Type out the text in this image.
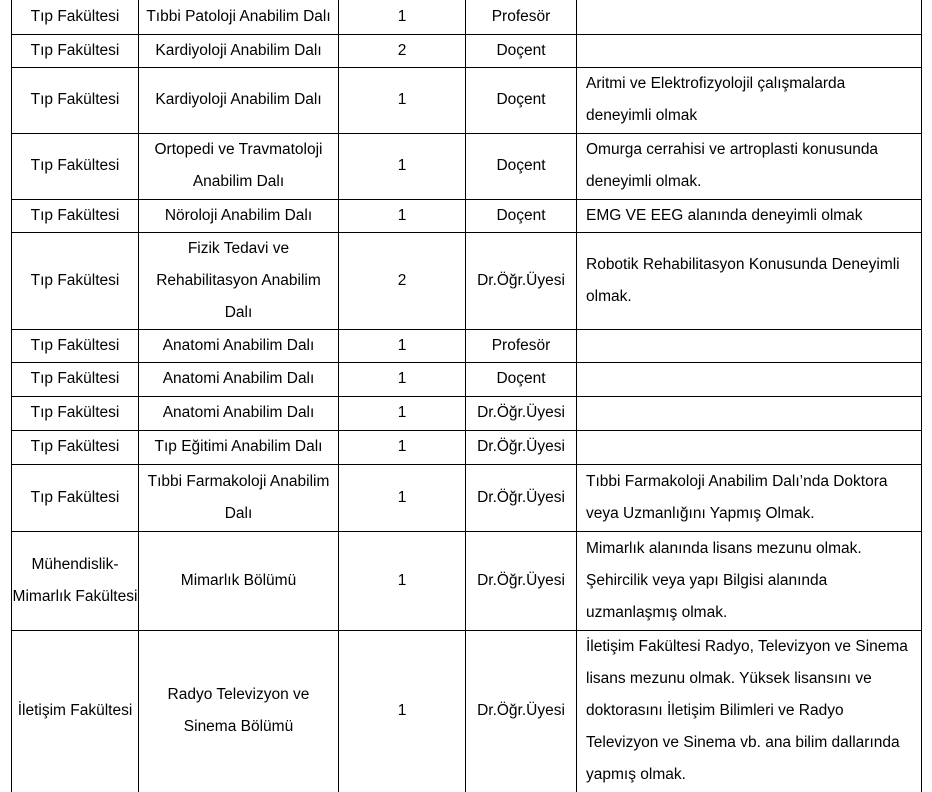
Tıp Fakültesi	Tıbbi Patoloji Anabilim Dalı	1	Profesör	
Tıp Fakültesi	Kardiyoloji Anabilim Dalı	2	Doçent	
Tıp Fakültesi	Kardiyoloji Anabilim Dalı	1	Doçent	Aritmi ve Elektrofizyolojil çalışmalarda deneyimli olmak
Tıp Fakültesi	Ortopedi ve Travmatoloji Anabilim Dalı	1	Doçent	Omurga cerrahisi ve artroplasti konusunda deneyimli olmak.
Tıp Fakültesi	Nöroloji Anabilim Dalı	1	Doçent	EMG VE EEG alanında deneyimli olmak
Tıp Fakültesi	Fizik Tedavi ve Rehabilitasyon Anabilim Dalı	2	Dr.Öğr.Üyesi	Robotik Rehabilitasyon Konusunda Deneyimli olmak.
Tıp Fakültesi	Anatomi Anabilim Dalı	1	Profesör	
Tıp Fakültesi	Anatomi Anabilim Dalı	1	Doçent	
Tıp Fakültesi	Anatomi Anabilim Dalı	1	Dr.Öğr.Üyesi	
Tıp Fakültesi	Tıp Eğitimi Anabilim Dalı	1	Dr.Öğr.Üyesi	
Tıp Fakültesi	Tıbbi Farmakoloji Anabilim Dalı	1	Dr.Öğr.Üyesi	Tıbbi Farmakoloji Anabilim Dalı’nda Doktora veya Uzmanlığını Yapmış Olmak.
Mühendislik-Mimarlık Fakültesi	Mimarlık Bölümü	1	Dr.Öğr.Üyesi	Mimarlık alanında lisans mezunu olmak. Şehircilik veya yapı Bilgisi alanında uzmanlaşmış olmak.
İletişim Fakültesi	Radyo Televizyon ve Sinema Bölümü	1	Dr.Öğr.Üyesi	İletişim Fakültesi Radyo, Televizyon ve Sinema lisans mezunu olmak. Yüksek lisansını ve doktorasını İletişim Bilimleri ve Radyo Televizyon ve Sinema vb. ana bilim dallarında yapmış olmak.
